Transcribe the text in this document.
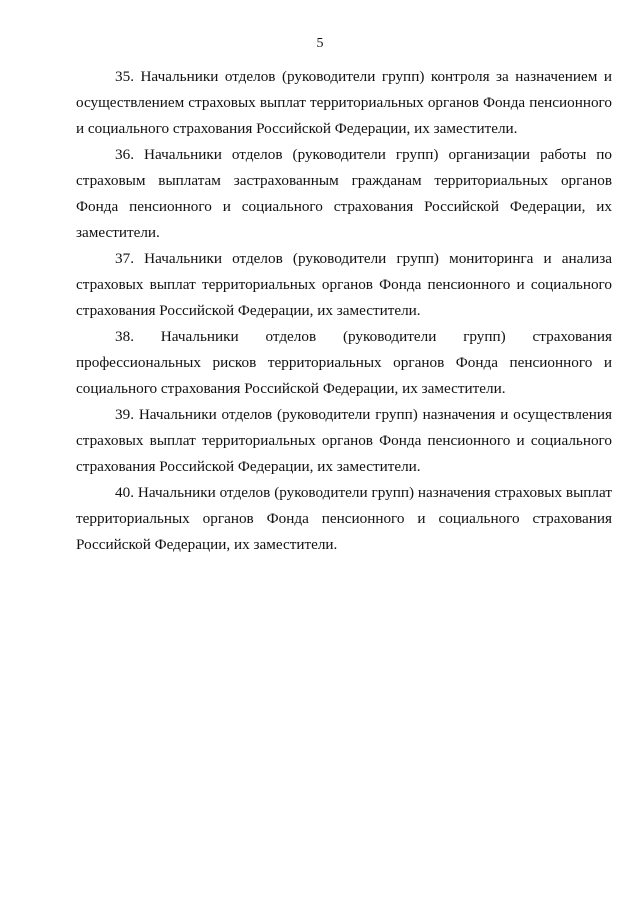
5

35. Начальники отделов (руководители групп) контроля за назначением и осуществлением страховых выплат территориальных органов Фонда пенсионного и социального страхования Российской Федерации, их заместители.

36. Начальники отделов (руководители групп) организации работы по страховым выплатам застрахованным гражданам территориальных органов Фонда пенсионного и социального страхования Российской Федерации, их заместители.

37. Начальники отделов (руководители групп) мониторинга и анализа страховых выплат территориальных органов Фонда пенсионного и социального страхования Российской Федерации, их заместители.

38. Начальники отделов (руководители групп) страхования профессиональных рисков территориальных органов Фонда пенсионного и социального страхования Российской Федерации, их заместители.

39. Начальники отделов (руководители групп) назначения и осуществления страховых выплат территориальных органов Фонда пенсионного и социального страхования Российской Федерации, их заместители.

40. Начальники отделов (руководители групп) назначения страховых выплат территориальных органов Фонда пенсионного и социального страхования Российской Федерации, их заместители.
